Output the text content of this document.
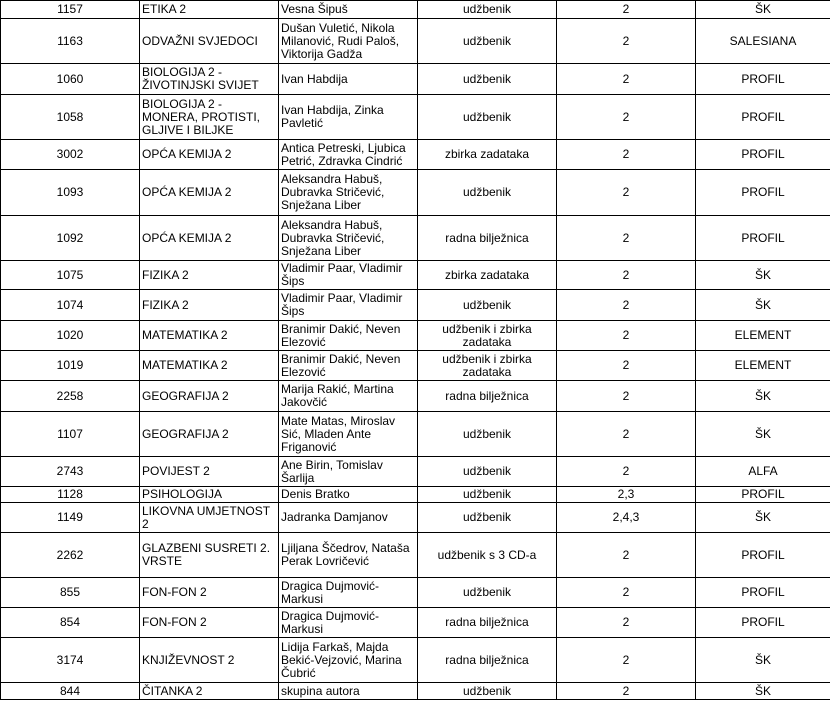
1157	ETIKA 2	Vesna Šipuš	udžbenik	2	ŠK
1163	ODVAŽNI SVJEDOCI	Dušan Vuletić, Nikola Milanović, Rudi Paloš, Viktorija Gadža	udžbenik	2	SALESIANA
1060	BIOLOGIJA 2 - ŽIVOTINJSKI SVIJET	Ivan Habdija	udžbenik	2	PROFIL
1058	BIOLOGIJA 2 - MONERA, PROTISTI, GLJIVE I BILJKE	Ivan Habdija, Zinka Pavletić	udžbenik	2	PROFIL
3002	OPĆA KEMIJA 2	Antica Petreski, Ljubica Petrić, Zdravka Cindrić	zbirka zadataka	2	PROFIL
1093	OPĆA KEMIJA 2	Aleksandra Habuš, Dubravka Stričević, Snježana Liber	udžbenik	2	PROFIL
1092	OPĆA KEMIJA 2	Aleksandra Habuš, Dubravka Stričević, Snježana Liber	radna bilježnica	2	PROFIL
1075	FIZIKA 2	Vladimir Paar, Vladimir Šips	zbirka zadataka	2	ŠK
1074	FIZIKA 2	Vladimir Paar, Vladimir Šips	udžbenik	2	ŠK
1020	MATEMATIKA 2	Branimir Dakić, Neven Elezović	udžbenik i zbirka zadataka	2	ELEMENT
1019	MATEMATIKA 2	Branimir Dakić, Neven Elezović	udžbenik i zbirka zadataka	2	ELEMENT
2258	GEOGRAFIJA 2	Marija Rakić, Martina Jakovčić	radna bilježnica	2	ŠK
1107	GEOGRAFIJA 2	Mate Matas, Miroslav Sić, Mladen Ante Friganović	udžbenik	2	ŠK
2743	POVIJEST 2	Ane Birin, Tomislav Šarlija	udžbenik	2	ALFA
1128	PSIHOLOGIJA	Denis Bratko	udžbenik	2,3	PROFIL
1149	LIKOVNA UMJETNOST 2	Jadranka Damjanov	udžbenik	2,4,3	ŠK
2262	GLAZBENI SUSRETI 2. VRSTE	Ljiljana Ščedrov, Nataša Perak Lovričević	udžbenik s 3 CD-a	2	PROFIL
855	FON-FON 2	Dragica Dujmović-Markusi	udžbenik	2	PROFIL
854	FON-FON 2	Dragica Dujmović-Markusi	radna bilježnica	2	PROFIL
3174	KNJIŽEVNOST 2	Lidija Farkaš, Majda Bekić-Vejzović, Marina Čubrić	radna bilježnica	2	ŠK
844	ČITANKA 2	skupina autora	udžbenik	2	ŠK
